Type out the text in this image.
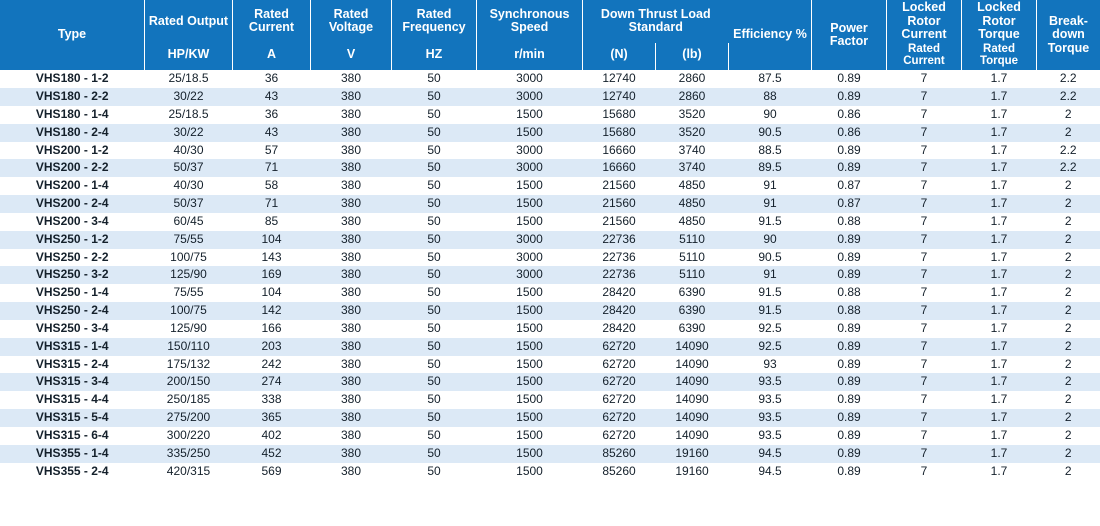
Type	Rated Output	Rated Current	Rated Voltage	Rated Frequency	Synchronous Speed	Down Thrust Load Standard		Efficiency %	Power Factor	Locked Rotor Current	Locked Rotor Torque	Break-down Torque
	HP/KW	A	V	HZ	r/min	(N)	(lb)			Rated Current	Rated Torque	
VHS180 - 1-2	25/18.5	36	380	50	3000	12740	2860	87.5	0.89	7	1.7	2.2
VHS180 - 2-2	30/22	43	380	50	3000	12740	2860	88	0.89	7	1.7	2.2
VHS180 - 1-4	25/18.5	36	380	50	1500	15680	3520	90	0.86	7	1.7	2
VHS180 - 2-4	30/22	43	380	50	1500	15680	3520	90.5	0.86	7	1.7	2
VHS200 - 1-2	40/30	57	380	50	3000	16660	3740	88.5	0.89	7	1.7	2.2
VHS200 - 2-2	50/37	71	380	50	3000	16660	3740	89.5	0.89	7	1.7	2.2
VHS200 - 1-4	40/30	58	380	50	1500	21560	4850	91	0.87	7	1.7	2
VHS200 - 2-4	50/37	71	380	50	1500	21560	4850	91	0.87	7	1.7	2
VHS200 - 3-4	60/45	85	380	50	1500	21560	4850	91.5	0.88	7	1.7	2
VHS250 - 1-2	75/55	104	380	50	3000	22736	5110	90	0.89	7	1.7	2
VHS250 - 2-2	100/75	143	380	50	3000	22736	5110	90.5	0.89	7	1.7	2
VHS250 - 3-2	125/90	169	380	50	3000	22736	5110	91	0.89	7	1.7	2
VHS250 - 1-4	75/55	104	380	50	1500	28420	6390	91.5	0.88	7	1.7	2
VHS250 - 2-4	100/75	142	380	50	1500	28420	6390	91.5	0.88	7	1.7	2
VHS250 - 3-4	125/90	166	380	50	1500	28420	6390	92.5	0.89	7	1.7	2
VHS315 - 1-4	150/110	203	380	50	1500	62720	14090	92.5	0.89	7	1.7	2
VHS315 - 2-4	175/132	242	380	50	1500	62720	14090	93	0.89	7	1.7	2
VHS315 - 3-4	200/150	274	380	50	1500	62720	14090	93.5	0.89	7	1.7	2
VHS315 - 4-4	250/185	338	380	50	1500	62720	14090	93.5	0.89	7	1.7	2
VHS315 - 5-4	275/200	365	380	50	1500	62720	14090	93.5	0.89	7	1.7	2
VHS315 - 6-4	300/220	402	380	50	1500	62720	14090	93.5	0.89	7	1.7	2
VHS355 - 1-4	335/250	452	380	50	1500	85260	19160	94.5	0.89	7	1.7	2
VHS355 - 2-4	420/315	569	380	50	1500	85260	19160	94.5	0.89	7	1.7	2
